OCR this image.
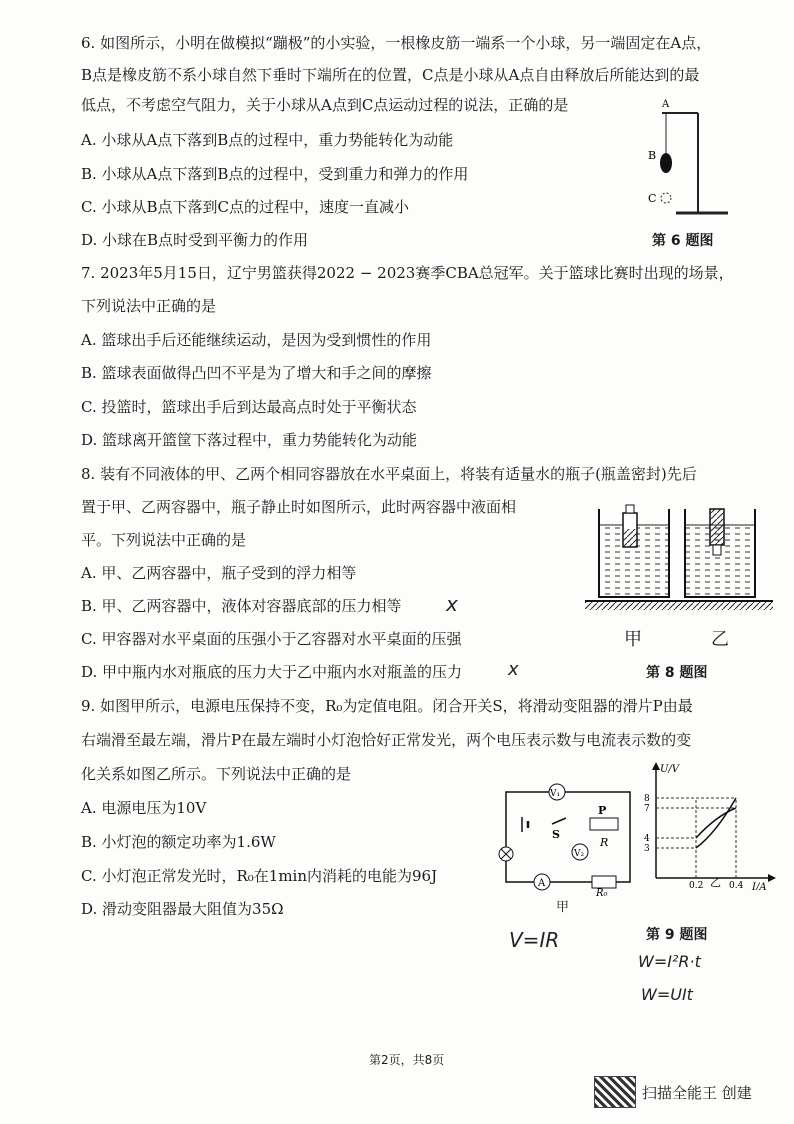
6. 如图所示，小明在做模拟“蹦极”的小实验，一根橡皮筋一端系一个小球，另一端固定在A点，
B点是橡皮筋不系小球自然下垂时下端所在的位置，C点是小球从A点自由释放后所能达到的最
低点，不考虑空气阻力，关于小球从A点到C点运动过程的说法，正确的是
A. 小球从A点下落到B点的过程中，重力势能转化为动能
B. 小球从A点下落到B点的过程中，受到重力和弹力的作用
C. 小球从B点下落到C点的过程中，速度一直减小
D. 小球在B点时受到平衡力的作用
A
B
C
第 6 题图
7. 2023年5月15日，辽宁男篮获得2022 − 2023赛季CBA总冠军。关于篮球比赛时出现的场景，
下列说法中正确的是
A. 篮球出手后还能继续运动，是因为受到惯性的作用
B. 篮球表面做得凸凹不平是为了增大和手之间的摩擦
C. 投篮时，篮球出手后到达最高点时处于平衡状态
D. 篮球离开篮筐下落过程中，重力势能转化为动能
8. 装有不同液体的甲、乙两个相同容器放在水平桌面上，将装有适量水的瓶子(瓶盖密封)先后
置于甲、乙两容器中，瓶子静止时如图所示，此时两容器中液面相
平。下列说法中正确的是
A. 甲、乙两容器中，瓶子受到的浮力相等
B. 甲、乙两容器中，液体对容器底部的压力相等 x
C. 甲容器对水平桌面的压强小于乙容器对水平桌面的压强
D. 甲中瓶内水对瓶底的压力大于乙中瓶内水对瓶盖的压力	x
甲	乙
第 8 题图
9. 如图甲所示，电源电压保持不变，R₀为定值电阻。闭合开关S，将滑动变阻器的滑片P由最
右端滑至最左端，滑片P在最左端时小灯泡恰好正常发光，两个电压表示数与电流表示数的变
化关系如图乙所示。下列说法中正确的是
A. 电源电压为10V
B. 小灯泡的额定功率为1.6W
C. 小灯泡正常发光时，R₀在1min内消耗的电能为96J
D. 滑动变阻器最大阻值为35Ω
V₁
S
P
R
V₂
A
R₀
甲
U/V
I/A
8
7
4
3
0.2	0.4
乙
第 9 题图
V=IR
W=I²R·t
W=UIt
第2页，共8页
扫描全能王 创建
